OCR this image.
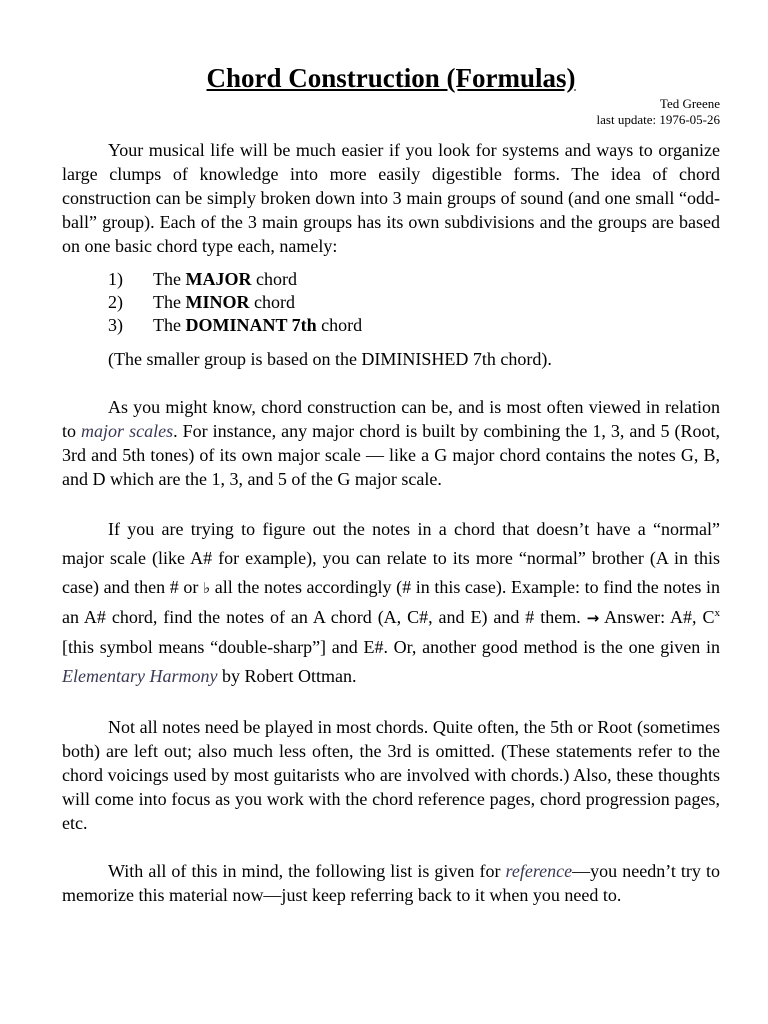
Chord Construction (Formulas)
Ted Greene
last update: 1976-05-26

Your musical life will be much easier if you look for systems and ways to organize large clumps of knowledge into more easily digestible forms. The idea of chord construction can be simply broken down into 3 main groups of sound (and one small “odd-ball” group). Each of the 3 main groups has its own subdivisions and the groups are based on one basic chord type each, namely:

1)	The MAJOR chord
2)	The MINOR chord
3)	The DOMINANT 7th chord

(The smaller group is based on the DIMINISHED 7th chord).

As you might know, chord construction can be, and is most often viewed in relation to major scales. For instance, any major chord is built by combining the 1, 3, and 5 (Root, 3rd and 5th tones) of its own major scale — like a G major chord contains the notes G, B, and D which are the 1, 3, and 5 of the G major scale.

If you are trying to figure out the notes in a chord that doesn’t have a “normal” major scale (like A# for example), you can relate to its more “normal” brother (A in this case) and then # or ♭ all the notes accordingly (# in this case). Example: to find the notes in an A# chord, find the notes of an A chord (A, C#, and E) and # them. → Answer: A#, $C^x$ [this symbol means “double-sharp”] and E#. Or, another good method is the one given in Elementary Harmony by Robert Ottman.

Not all notes need be played in most chords. Quite often, the 5th or Root (sometimes both) are left out; also much less often, the 3rd is omitted. (These statements refer to the chord voicings used by most guitarists who are involved with chords.) Also, these thoughts will come into focus as you work with the chord reference pages, chord progression pages, etc.

With all of this in mind, the following list is given for reference—you needn’t try to memorize this material now—just keep referring back to it when you need to.
